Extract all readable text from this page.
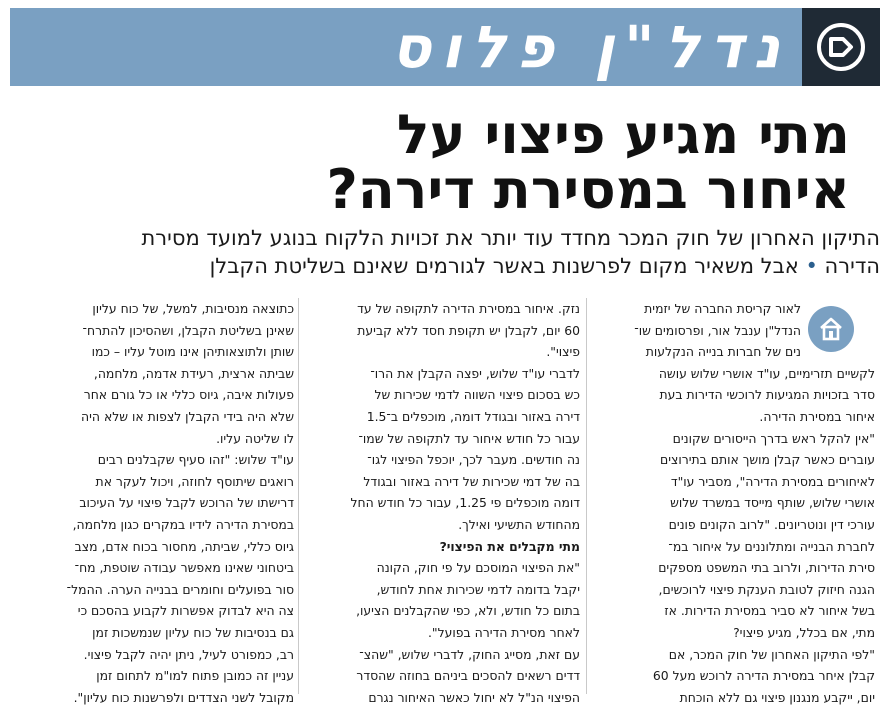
נדל"ן פלוס
מתי מגיע פיצוי על
איחור במסירת דירה?
התיקון האחרון של חוק המכר מחדד עוד יותר את זכויות הלקוח בנוגע למועד מסירת
הדירה • אבל משאיר מקום לפרשנות באשר לגורמים שאינם בשליטת הקבלן
לאור קריסת החברה של יזמית
הנדל"ן ענבל אור, ופרסומים שו־
נים של חברות בנייה הנקלעות
לקשיים תזרימיים, עו"ד אושרי שלוש עושה
סדר בזכויות המגיעות לרוכשי הדירות בעת
איחור במסירת הדירה.
"אין להקל ראש בדרך הייסורים שקונים
עוברים כאשר קבלן מושך אותם בתירוצים
לאיחורים במסירת הדירה", מסביר עו"ד
אושרי שלוש, שותף מייסד במשרד שלוש
עורכי דין ונוטריונים. "לרוב הקונים פונים
לחברת הבנייה ומתלוננים על איחור במ־
סירת הדירות, ולרוב בתי המשפט מספקים
הגנה חיזוק לטובת הענקת פיצוי לרוכשים,
בשל איחור לא סביר במסירת הדירות. אז
מתי, אם בכלל, מגיע פיצוי?
"לפי התיקון האחרון של חוק המכר, אם
קבלן איחר במסירת הדירה לרוכש מעל 60
יום, ייקבע מנגנון פיצוי גם ללא הוכחת
נזק. איחור במסירת הדירה לתקופה של עד
60 יום, לקבלן יש תקופת חסד ללא קביעת
פיצוי".
לדברי עו"ד שלוש, יפצה הקבלן את הרו־
כש בסכום פיצוי השווה לדמי שכירות של
דירה באזור ובגודל דומה, מוכפלים ב־1.5
עבור כל חודש איחור עד לתקופה של שמו־
נה חודשים. מעבר לכך, יוכפל הפיצוי לגו־
בה של דמי שכירות של דירה באזור ובגודל
דומה מוכפלים פי 1.25, עבור כל חודש החל
מהחודש התשיעי ואילך.
מתי מקבלים את הפיצוי?
"את הפיצוי המוסכם על פי חוק, הקונה
יקבל בדומה לדמי שכירות אחת לחודש,
בתום כל חודש, ולא, כפי שהקבלנים הציעו,
לאחר מסירת הדירה בפועל".
עם זאת, מסייג החוק, לדברי שלוש, "שהצ־
דדים רשאים להסכים ביניהם בחוזה שהסדר
הפיצוי הנ"ל לא יחול כאשר האיחור נגרם
כתוצאה מנסיבות, למשל, של כוח עליון
שאינן בשליטת הקבלן, ושהסיכון להתרח־
שותן ולתוצאותיהן אינו מוטל עליו – כמו
שביתה ארצית, רעידת אדמה, מלחמה,
פעולות איבה, גיוס כללי או כל גורם אחר
שלא היה בידי הקבלן לצפות או שלא היה
לו שליטה עליו.
עו"ד שלוש: "זהו סעיף שקבלנים רבים
רואגים שיתוסף לחוזה, ויכול לעקר את
דרישתו של הרוכש לקבל פיצוי על העיכוב
במסירת הדירה לידיו במקרים כגון מלחמה,
גיוס כללי, שביתה, מחסור בכוח אדם, מצב
ביטחוני שאינו מאפשר עבודה שוטפת, מח־
סור בפועלים וחומרים בבנייה הערה. ההמל־
צה היא לבדוק אפשרות לקבוע בהסכם כי
גם בנסיבות של כוח עליון שנמשכות זמן
רב, כמפורט לעיל, ניתן יהיה לקבל פיצוי.
עניין זה כמובן פתוח למו"מ לתחום זמן
מקובל לשני הצדדים ולפרשנות כוח עליון".
